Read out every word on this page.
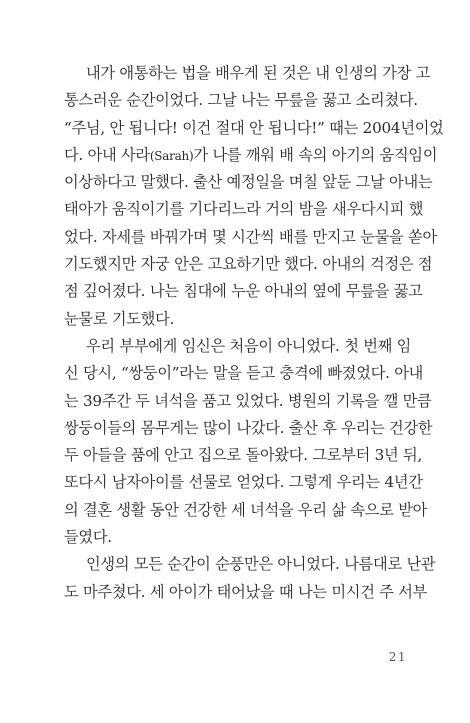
내가 애통하는 법을 배우게 된 것은 내 인생의 가장 고
통스러운 순간이었다. 그날 나는 무릎을 꿇고 소리쳤다.
“주님, 안 됩니다! 이건 절대 안 됩니다!” 때는 2004년이었
다. 아내 사라(Sarah)가 나를 깨워 배 속의 아기의 움직임이
이상하다고 말했다. 출산 예정일을 며칠 앞둔 그날 아내는
태아가 움직이기를 기다리느라 거의 밤을 새우다시피 했
었다. 자세를 바꿔가며 몇 시간씩 배를 만지고 눈물을 쏟아
기도했지만 자궁 안은 고요하기만 했다. 아내의 걱정은 점
점 깊어졌다. 나는 침대에 누운 아내의 옆에 무릎을 꿇고
눈물로 기도했다.
우리 부부에게 임신은 처음이 아니었다. 첫 번째 임
신 당시, “쌍둥이”라는 말을 듣고 충격에 빠졌었다. 아내
는 39주간 두 녀석을 품고 있었다. 병원의 기록을 깰 만큼
쌍둥이들의 몸무게는 많이 나갔다. 출산 후 우리는 건강한
두 아들을 품에 안고 집으로 돌아왔다. 그로부터 3년 뒤,
또다시 남자아이를 선물로 얻었다. 그렇게 우리는 4년간
의 결혼 생활 동안 건강한 세 녀석을 우리 삶 속으로 받아
들였다.
인생의 모든 순간이 순풍만은 아니었다. 나름대로 난관
도 마주쳤다. 세 아이가 태어났을 때 나는 미시건 주 서부
21
